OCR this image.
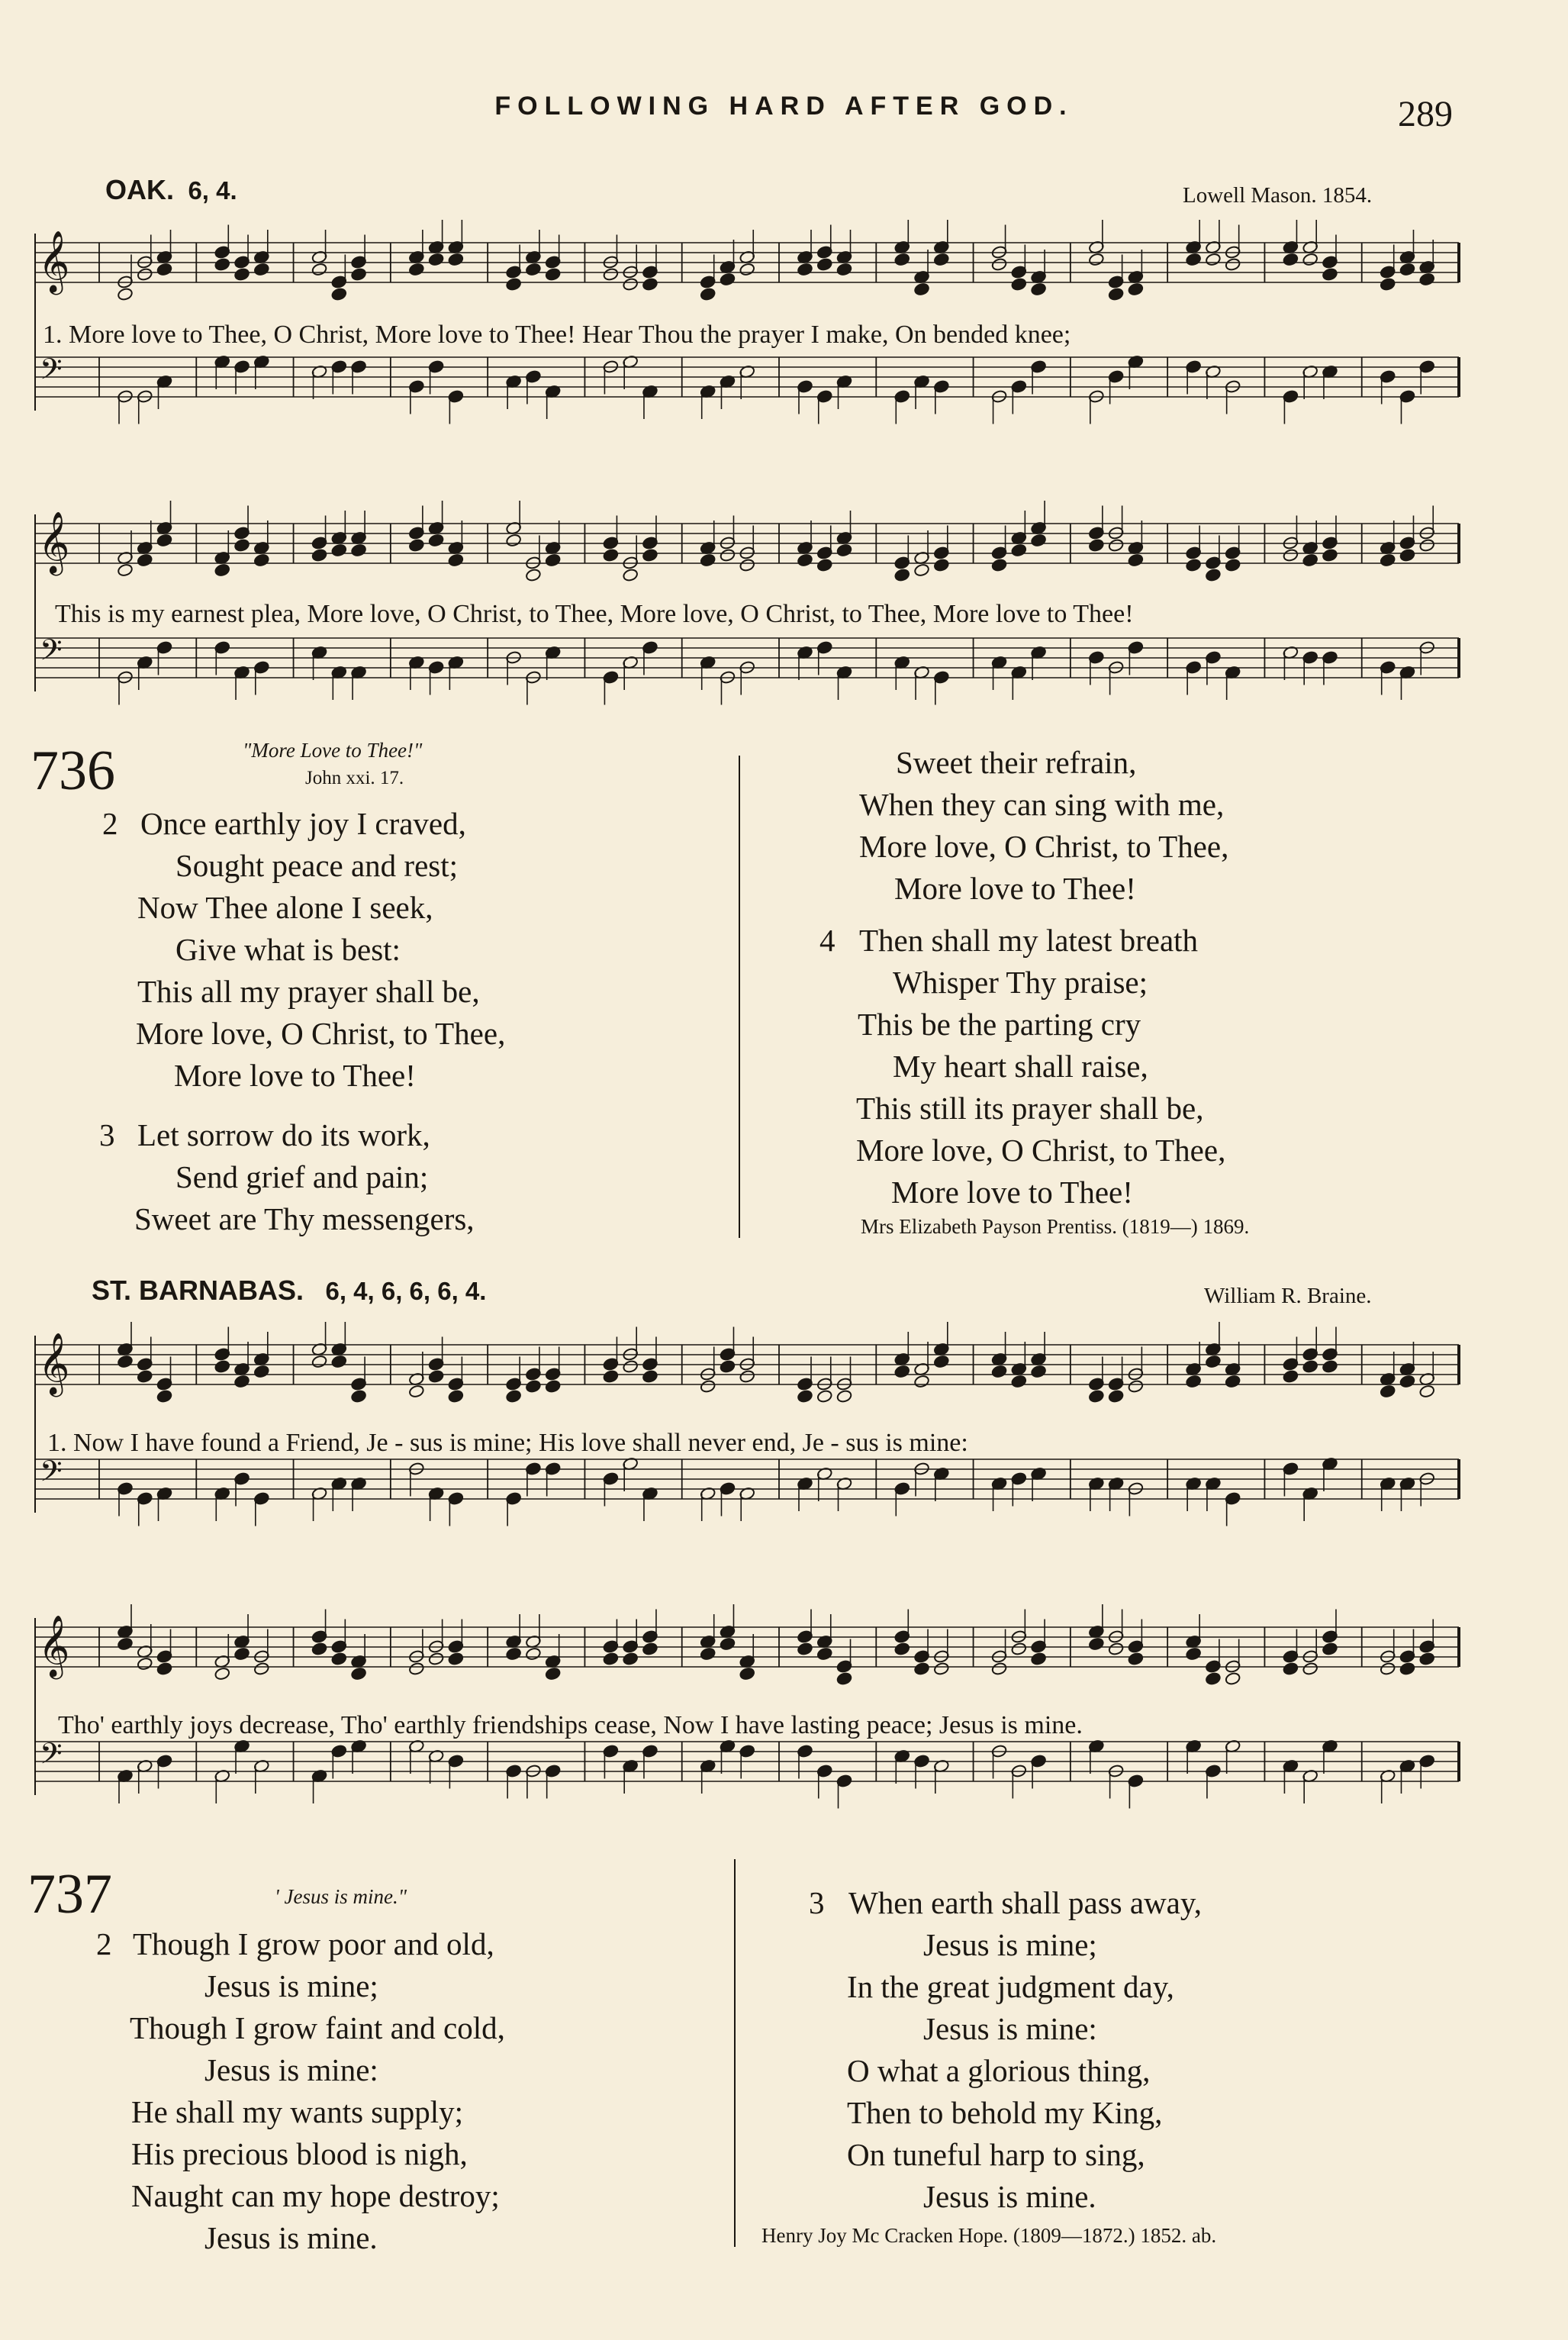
FOLLOWING HARD AFTER GOD.	289
OAK. 6, 4.	Lowell Mason. 1854.
𝄞
𝄢
𝄞
𝄢
𝄞
𝄢
𝄞
𝄢
1. More love to Thee, O Christ, More love to Thee! Hear Thou the prayer I make, On bended knee;
This is my earnest plea, More love, O Christ, to Thee, More love, O Christ, to Thee, More love to Thee!
736	"More Love to Thee!"
John xxi. 17.
2 Once earthly joy I craved,
Sought peace and rest;
Now Thee alone I seek,
Give what is best:
This all my prayer shall be,
More love, O Christ, to Thee,
More love to Thee!
3 Let sorrow do its work,
Send grief and pain;
Sweet are Thy messengers,
Sweet their refrain,
When they can sing with me,
More love, O Christ, to Thee,
More love to Thee!
4 Then shall my latest breath
Whisper Thy praise;
This be the parting cry
My heart shall raise,
This still its prayer shall be,
More love, O Christ, to Thee,
More love to Thee!
Mrs Elizabeth Payson Prentiss. (1819—) 1869.
ST. BARNABAS. 6, 4, 6, 6, 6, 4.	William R. Braine.
1. Now I have found a Friend, Je - sus is mine; His love shall never end, Je - sus is mine:
Tho' earthly joys decrease, Tho' earthly friendships cease, Now I have lasting peace; Jesus is mine.
737	' Jesus is mine."
2 Though I grow poor and old,
Jesus is mine;
Though I grow faint and cold,
Jesus is mine:
He shall my wants supply;
His precious blood is nigh,
Naught can my hope destroy;
Jesus is mine.
3 When earth shall pass away,
Jesus is mine;
In the great judgment day,
Jesus is mine:
O what a glorious thing,
Then to behold my King,
On tuneful harp to sing,
Jesus is mine.
Henry Joy Mc Cracken Hope. (1809—1872.) 1852. ab.
